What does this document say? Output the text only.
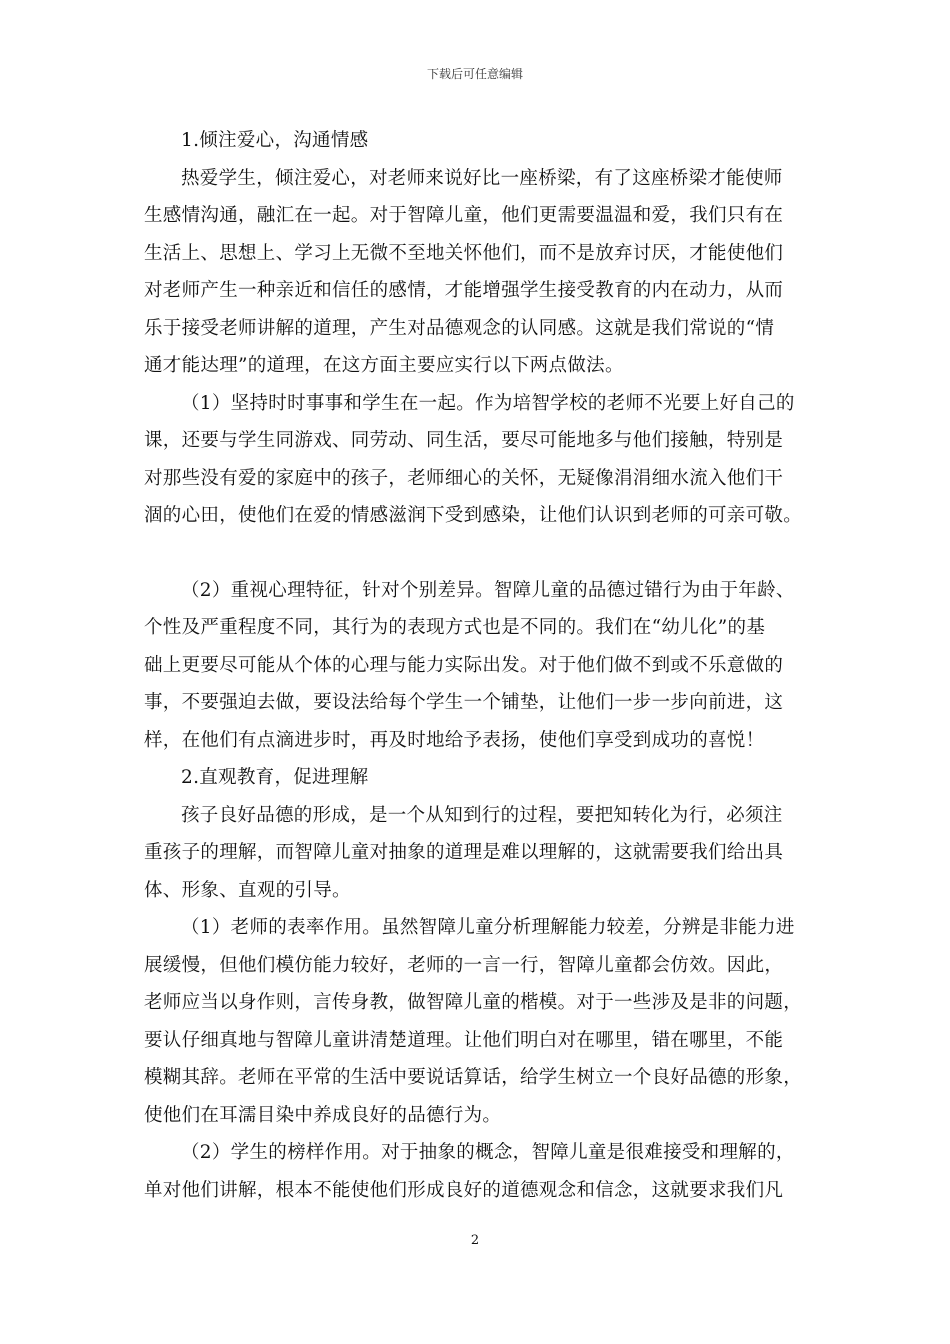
下载后可任意编辑
1.倾注爱心，沟通情感
热爱学生，倾注爱心，对老师来说好比一座桥梁，有了这座桥梁才能使师
生感情沟通，融汇在一起。对于智障儿童，他们更需要温温和爱，我们只有在
生活上、思想上、学习上无微不至地关怀他们，而不是放弃讨厌，才能使他们
对老师产生一种亲近和信任的感情，才能增强学生接受教育的内在动力，从而
乐于接受老师讲解的道理，产生对品德观念的认同感。这就是我们常说的“情
通才能达理”的道理，在这方面主要应实行以下两点做法。
（1）坚持时时事事和学生在一起。作为培智学校的老师不光要上好自己的
课，还要与学生同游戏、同劳动、同生活，要尽可能地多与他们接触，特别是
对那些没有爱的家庭中的孩子，老师细心的关怀，无疑像涓涓细水流入他们干
涸的心田，使他们在爱的情感滋润下受到感染，让他们认识到老师的可亲可敬。
（2）重视心理特征，针对个别差异。智障儿童的品德过错行为由于年龄、
个性及严重程度不同，其行为的表现方式也是不同的。我们在“幼儿化”的基
础上更要尽可能从个体的心理与能力实际出发。对于他们做不到或不乐意做的
事，不要强迫去做，要设法给每个学生一个铺垫，让他们一步一步向前进，这
样，在他们有点滴进步时，再及时地给予表扬，使他们享受到成功的喜悦！
2.直观教育，促进理解
孩子良好品德的形成，是一个从知到行的过程，要把知转化为行，必须注
重孩子的理解，而智障儿童对抽象的道理是难以理解的，这就需要我们给出具
体、形象、直观的引导。
（1）老师的表率作用。虽然智障儿童分析理解能力较差，分辨是非能力进
展缓慢，但他们模仿能力较好，老师的一言一行，智障儿童都会仿效。因此，
老师应当以身作则，言传身教，做智障儿童的楷模。对于一些涉及是非的问题，
要认仔细真地与智障儿童讲清楚道理。让他们明白对在哪里，错在哪里，不能
模糊其辞。老师在平常的生活中要说话算话，给学生树立一个良好品德的形象，
使他们在耳濡目染中养成良好的品德行为。
（2）学生的榜样作用。对于抽象的概念，智障儿童是很难接受和理解的，
单对他们讲解，根本不能使他们形成良好的道德观念和信念，这就要求我们凡
2
